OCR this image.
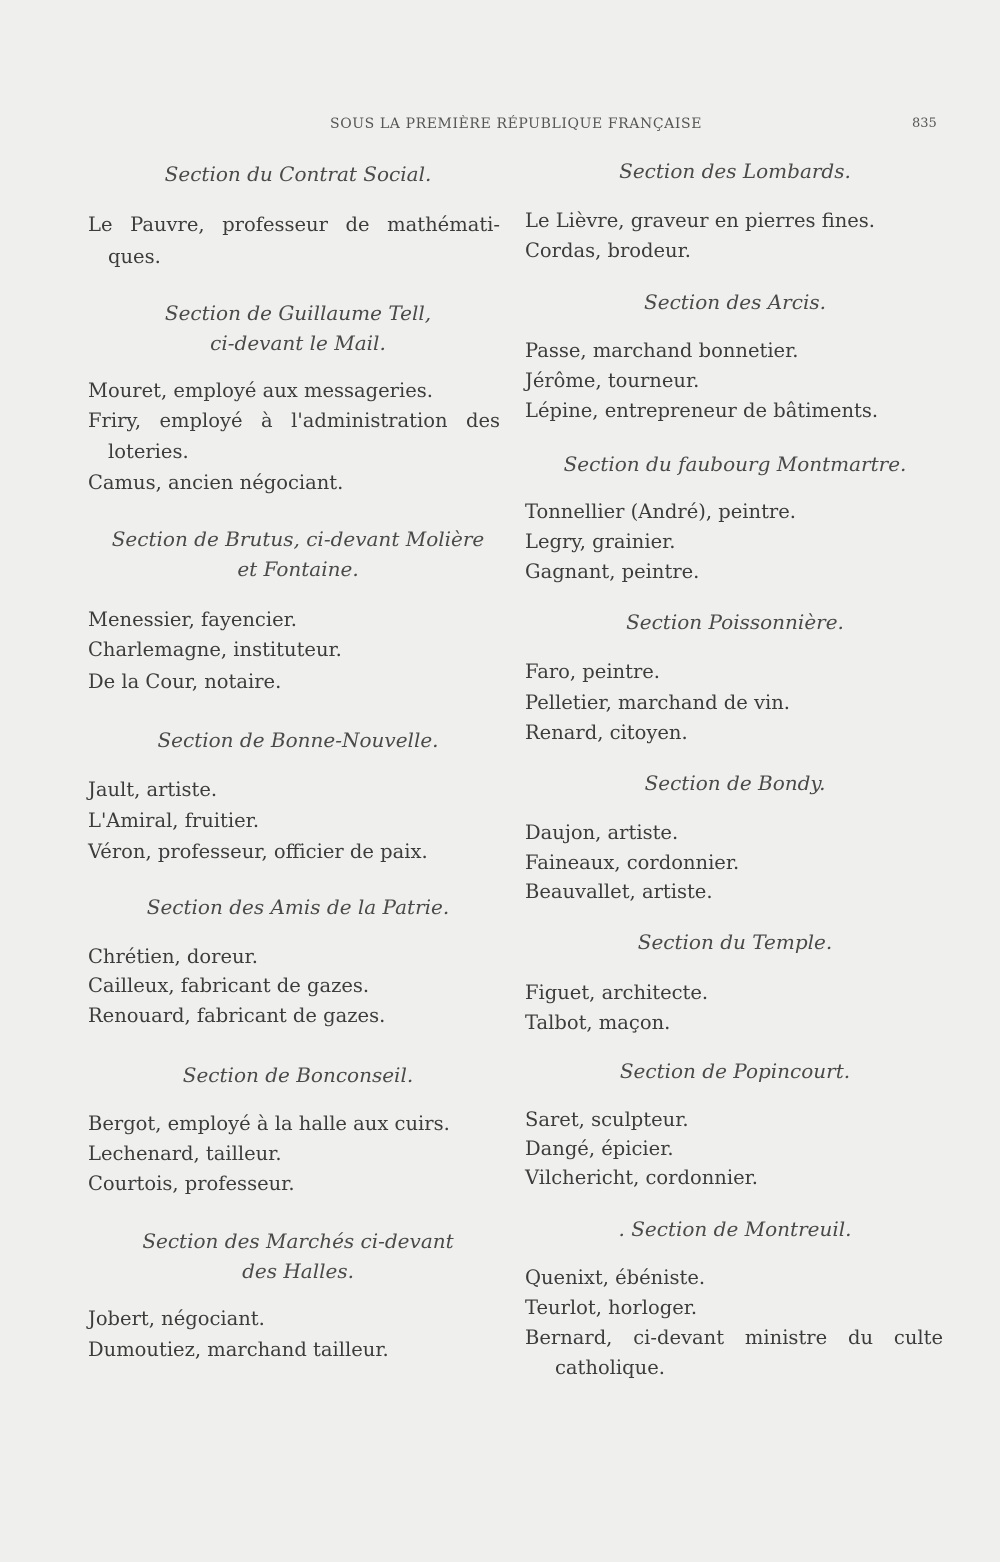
SOUS LA PREMIÈRE RÉPUBLIQUE FRANÇAISE	835
Section du Contrat Social.
Le Pauvre, professeur de mathémati-
ques.
Section de Guillaume Tell,
ci-devant le Mail.
Mouret, employé aux messageries.
Friry, employé à l'administration des
loteries.
Camus, ancien négociant.
Section de Brutus, ci-devant Molière
et Fontaine.
Menessier, fayencier.
Charlemagne, instituteur.
De la Cour, notaire.
Section de Bonne-Nouvelle.
Jault, artiste.
L'Amiral, fruitier.
Véron, professeur, officier de paix.
Section des Amis de la Patrie.
Chrétien, doreur.
Cailleux, fabricant de gazes.
Renouard, fabricant de gazes.
Section de Bonconseil.
Bergot, employé à la halle aux cuirs.
Lechenard, tailleur.
Courtois, professeur.
Section des Marchés ci-devant
des Halles.
Jobert, négociant.
Dumoutiez, marchand tailleur.
Section des Lombards.
Le Lièvre, graveur en pierres fines.
Cordas, brodeur.
Section des Arcis.
Passe, marchand bonnetier.
Jérôme, tourneur.
Lépine, entrepreneur de bâtiments.
Section du faubourg Montmartre.
Tonnellier (André), peintre.
Legry, grainier.
Gagnant, peintre.
Section Poissonnière.
Faro, peintre.
Pelletier, marchand de vin.
Renard, citoyen.
Section de Bondy.
Daujon, artiste.
Faineaux, cordonnier.
Beauvallet, artiste.
Section du Temple.
Figuet, architecte.
Talbot, maçon.
Section de Popincourt.
Saret, sculpteur.
Dangé, épicier.
Vilchericht, cordonnier.
. Section de Montreuil.
Quenixt, ébéniste.
Teurlot, horloger.
Bernard, ci-devant ministre du culte
catholique.
